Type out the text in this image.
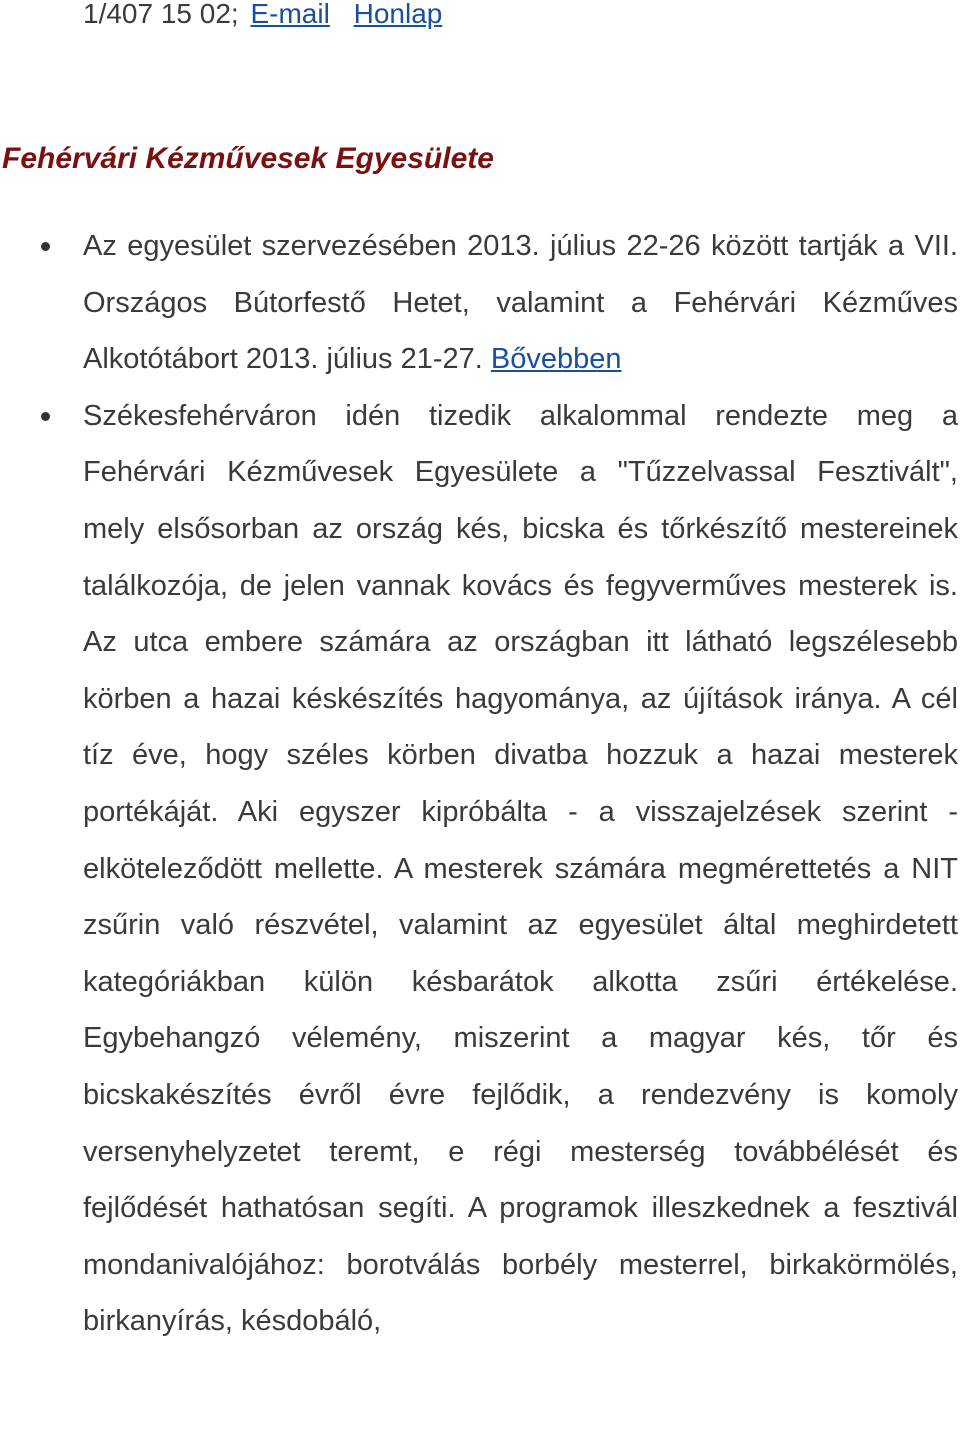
1/407 15 02; E-mail Honlap
Fehérvári Kézművesek Egyesülete
Az egyesület szervezésében 2013. július 22-26 között tartják a VII. Országos Bútorfestő Hetet, valamint a Fehérvári Kézműves Alkotótábort 2013. július 21-27. Bővebben
Székesfehérváron idén tizedik alkalommal rendezte meg a Fehérvári Kézművesek Egyesülete a "Tűzzelvassal Fesztivált", mely elsősorban az ország kés, bicska és tőrkészítő mestereinek találkozója, de jelen vannak kovács és fegyverműves mesterek is. Az utca embere számára az országban itt látható legszélesebb körben a hazai késkészítés hagyománya, az újítások iránya. A cél tíz éve, hogy széles körben divatba hozzuk a hazai mesterek portékáját. Aki egyszer kipróbálta - a visszajelzések szerint - elköteleződött mellette. A mesterek számára megmérettetés a NIT zsűrin való részvétel, valamint az egyesület által meghirdetett kategóriákban külön késbarátok alkotta zsűri értékelése. Egybehangzó vélemény, miszerint a magyar kés, tőr és bicskakészítés évről évre fejlődik, a rendezvény is komoly versenyhelyzetet teremt, e régi mesterség továbbélését és fejlődését hathatósan segíti. A programok illeszkednek a fesztivál mondanivalójához: borotválás borbély mesterrel, birkakörmölés, birkanyírás, késdobáló,
